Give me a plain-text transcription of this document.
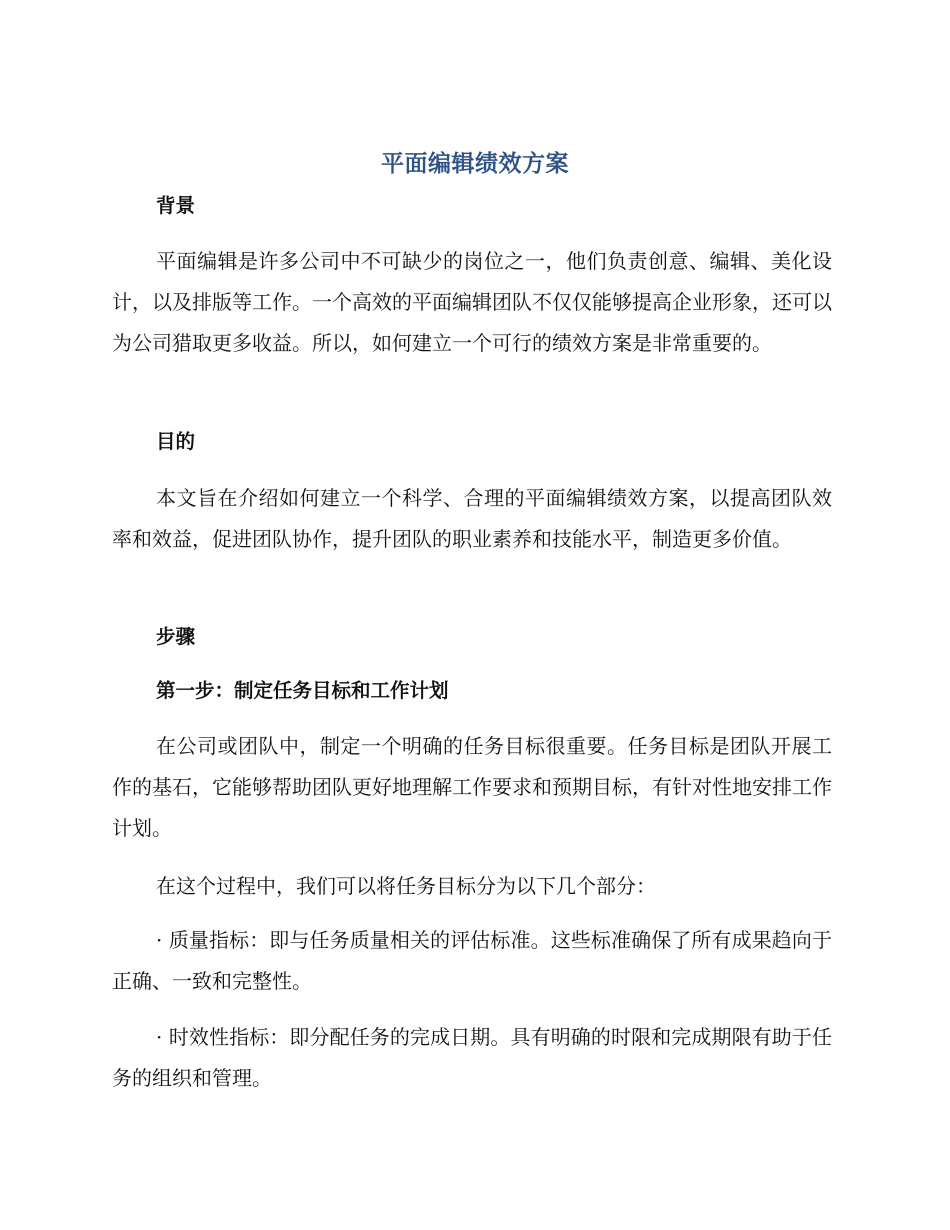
平面编辑绩效方案
背景
平面编辑是许多公司中不可缺少的岗位之一，他们负责创意、编辑、美化设计，以及排版等工作。一个高效的平面编辑团队不仅仅能够提高企业形象，还可以为公司猎取更多收益。所以，如何建立一个可行的绩效方案是非常重要的。
目的
本文旨在介绍如何建立一个科学、合理的平面编辑绩效方案，以提高团队效率和效益，促进团队协作，提升团队的职业素养和技能水平，制造更多价值。
步骤
第一步：制定任务目标和工作计划
在公司或团队中，制定一个明确的任务目标很重要。任务目标是团队开展工作的基石，它能够帮助团队更好地理解工作要求和预期目标，有针对性地安排工作计划。
在这个过程中，我们可以将任务目标分为以下几个部分：
· 质量指标：即与任务质量相关的评估标准。这些标准确保了所有成果趋向于正确、一致和完整性。
· 时效性指标：即分配任务的完成日期。具有明确的时限和完成期限有助于任务的组织和管理。
